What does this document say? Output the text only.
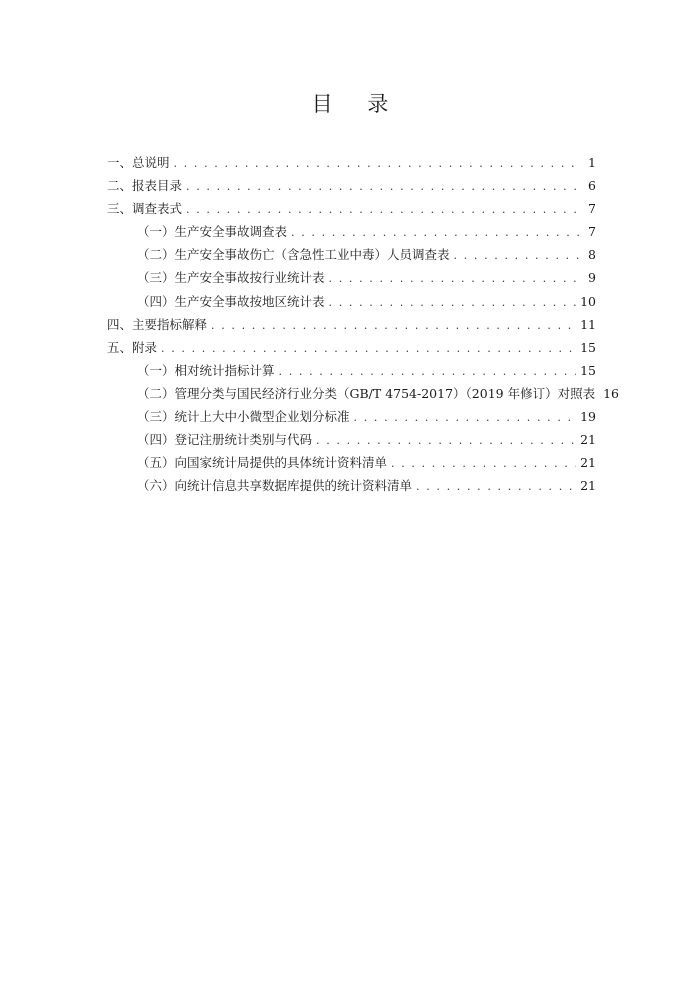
目 录
一、总说明 . . .	1
二、报表目录 . . .	6
三、调查表式 . . .	7
（一）生产安全事故调查表 . . .	7
（二）生产安全事故伤亡（含急性工业中毒）人员调查表 . . .	8
（三）生产安全事故按行业统计表 . . .	9
（四）生产安全事故按地区统计表 . . .	10
四、主要指标解释 . . .	11
五、附录 . . .	15
（一）相对统计指标计算 . . .	15
（二）管理分类与国民经济行业分类（GB/T 4754-2017）（2019 年修订）对照表 16
（三）统计上大中小微型企业划分标准 . . .	19
（四）登记注册统计类别与代码 . . .	21
（五）向国家统计局提供的具体统计资料清单 . . .	21
（六）向统计信息共享数据库提供的统计资料清单 . . .	21
